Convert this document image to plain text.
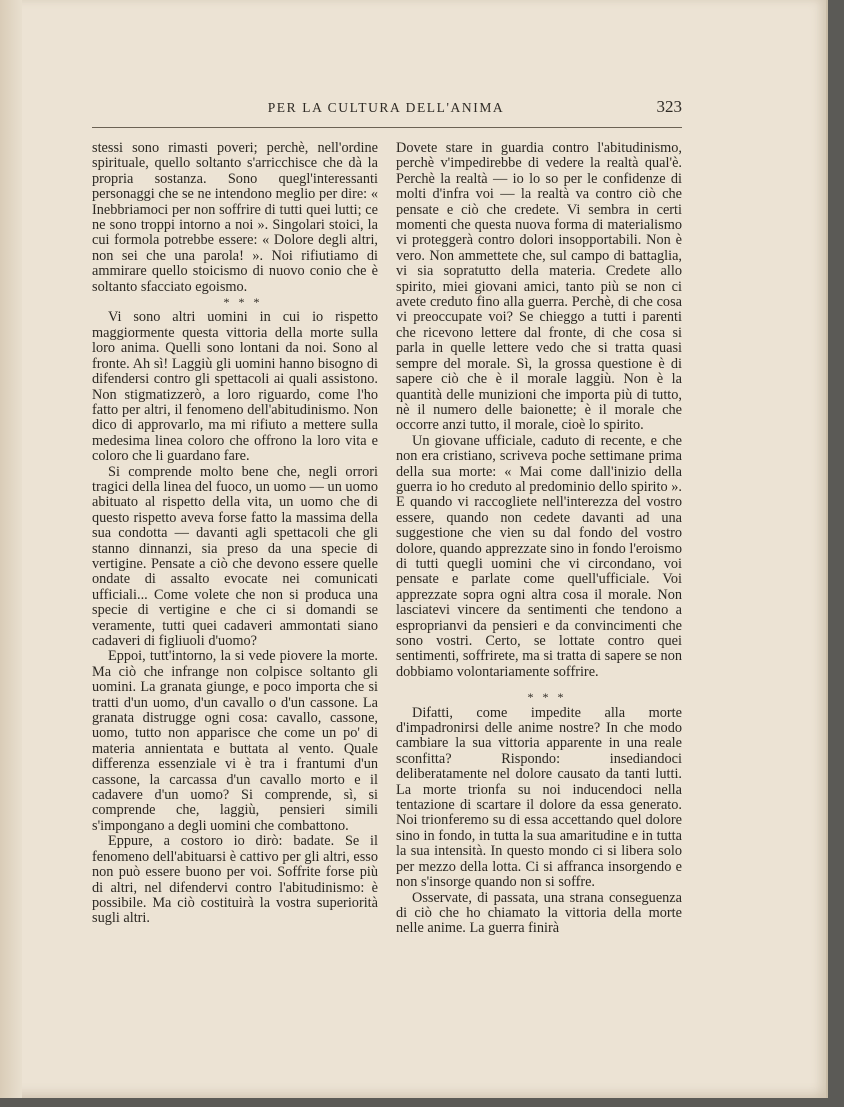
PER LA CULTURA DELL'ANIMA	323

stessi sono rimasti poveri; perchè, nell'ordine spirituale, quello soltanto s'arricchisce che dà la propria sostanza. Sono quegl'interessanti personaggi che se ne intendono meglio per dire: « Inebbriamoci per non soffrire di tutti quei lutti; ce ne sono troppi intorno a noi ». Singolari stoici, la cui formola potrebbe essere: « Dolore degli altri, non sei che una parola! ». Noi rifiutiamo di ammirare quello stoicismo di nuovo conio che è soltanto sfacciato egoismo.

* * *

Vi sono altri uomini in cui io rispetto maggiormente questa vittoria della morte sulla loro anima. Quelli sono lontani da noi. Sono al fronte. Ah sì! Laggiù gli uomini hanno bisogno di difendersi contro gli spettacoli ai quali assistono. Non stigmatizzerò, a loro riguardo, come l'ho fatto per altri, il fenomeno dell'abitudinismo. Non dico di approvarlo, ma mi rifiuto a mettere sulla medesima linea coloro che offrono la loro vita e coloro che li guardano fare.

Si comprende molto bene che, negli orrori tragici della linea del fuoco, un uomo — un uomo abituato al rispetto della vita, un uomo che di questo rispetto aveva forse fatto la massima della sua condotta — davanti agli spettacoli che gli stanno dinnanzi, sia preso da una specie di vertigine. Pensate a ciò che devono essere quelle ondate di assalto evocate nei comunicati ufficiali... Come volete che non si produca una specie di vertigine e che ci si domandi se veramente, tutti quei cadaveri ammontati siano cadaveri di figliuoli d'uomo?

Eppoi, tutt'intorno, la si vede piovere la morte. Ma ciò che infrange non colpisce soltanto gli uomini. La granata giunge, e poco importa che si tratti d'un uomo, d'un cavallo o d'un cassone. La granata distrugge ogni cosa: cavallo, cassone, uomo, tutto non apparisce che come un po' di materia annientata e buttata al vento. Quale differenza essenziale vi è tra i frantumi d'un cassone, la carcassa d'un cavallo morto e il cadavere d'un uomo? Si comprende, sì, si comprende che, laggiù, pensieri simili s'impongano a degli uomini che combattono.

Eppure, a costoro io dirò: badate. Se il fenomeno dell'abituarsi è cattivo per gli altri, esso non può essere buono per voi. Soffrite forse più di altri, nel difendervi contro l'abitudinismo: è possibile. Ma ciò costituirà la vostra superiorità sugli altri.

Dovete stare in guardia contro l'abitudinismo, perchè v'impedirebbe di vedere la realtà qual'è. Perchè la realtà — io lo so per le confidenze di molti d'infra voi — la realtà va contro ciò che pensate e ciò che credete. Vi sembra in certi momenti che questa nuova forma di materialismo vi proteggerà contro dolori insopportabili. Non è vero. Non ammettete che, sul campo di battaglia, vi sia sopratutto della materia. Credete allo spirito, miei giovani amici, tanto più se non ci avete creduto fino alla guerra. Perchè, di che cosa vi preoccupate voi? Se chieggo a tutti i parenti che ricevono lettere dal fronte, di che cosa si parla in quelle lettere vedo che si tratta quasi sempre del morale. Sì, la grossa questione è di sapere ciò che è il morale laggiù. Non è la quantità delle munizioni che importa più di tutto, nè il numero delle baionette; è il morale che occorre anzi tutto, il morale, cioè lo spirito.

Un giovane ufficiale, caduto di recente, e che non era cristiano, scriveva poche settimane prima della sua morte: « Mai come dall'inizio della guerra io ho creduto al predominio dello spirito ». E quando vi raccogliete nell'interezza del vostro essere, quando non cedete davanti ad una suggestione che vien su dal fondo del vostro dolore, quando apprezzate sino in fondo l'eroismo di tutti quegli uomini che vi circondano, voi pensate e parlate come quell'ufficiale. Voi apprezzate sopra ogni altra cosa il morale. Non lasciatevi vincere da sentimenti che tendono a esproprianvi da pensieri e da convincimenti che sono vostri. Certo, se lottate contro quei sentimenti, soffrirete, ma si tratta di sapere se non dobbiamo volontariamente soffrire.

* * *

Difatti, come impedite alla morte d'impadronirsi delle anime nostre? In che modo cambiare la sua vittoria apparente in una reale sconfitta? Rispondo: insediandoci deliberatamente nel dolore causato da tanti lutti. La morte trionfa su noi inducendoci nella tentazione di scartare il dolore da essa generato. Noi trionferemo su di essa accettando quel dolore sino in fondo, in tutta la sua amaritudine e in tutta la sua intensità. In questo mondo ci si libera solo per mezzo della lotta. Ci si affranca insorgendo e non s'insorge quando non si soffre.

Osservate, di passata, una strana conseguenza di ciò che ho chiamato la vittoria della morte nelle anime. La guerra finirà
